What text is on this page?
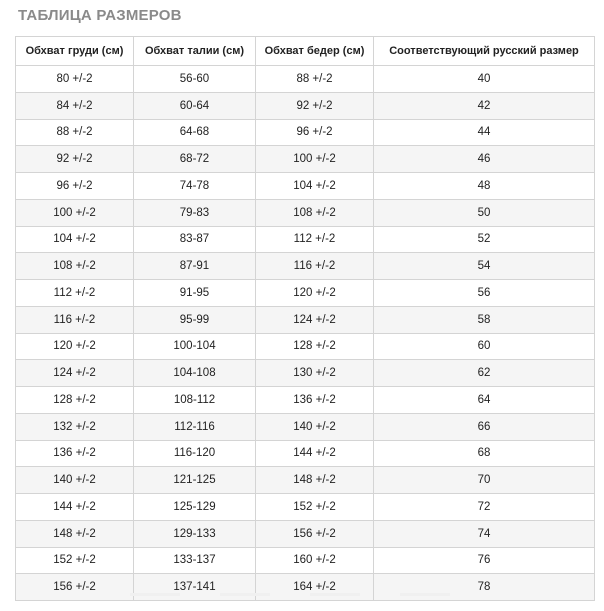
ТАБЛИЦА РАЗМЕРОВ
Обхват груди (см)	Обхват талии (см)	Обхват бедер (см)	Соответствующий русский размер
80 +/-2	56-60	88 +/-2	40
84 +/-2	60-64	92 +/-2	42
88 +/-2	64-68	96 +/-2	44
92 +/-2	68-72	100 +/-2	46
96 +/-2	74-78	104 +/-2	48
100 +/-2	79-83	108 +/-2	50
104 +/-2	83-87	112 +/-2	52
108 +/-2	87-91	116 +/-2	54
112 +/-2	91-95	120 +/-2	56
116 +/-2	95-99	124 +/-2	58
120 +/-2	100-104	128 +/-2	60
124 +/-2	104-108	130 +/-2	62
128 +/-2	108-112	136 +/-2	64
132 +/-2	112-116	140 +/-2	66
136 +/-2	116-120	144 +/-2	68
140 +/-2	121-125	148 +/-2	70
144 +/-2	125-129	152 +/-2	72
148 +/-2	129-133	156 +/-2	74
152 +/-2	133-137	160 +/-2	76
156 +/-2	137-141	164 +/-2	78
